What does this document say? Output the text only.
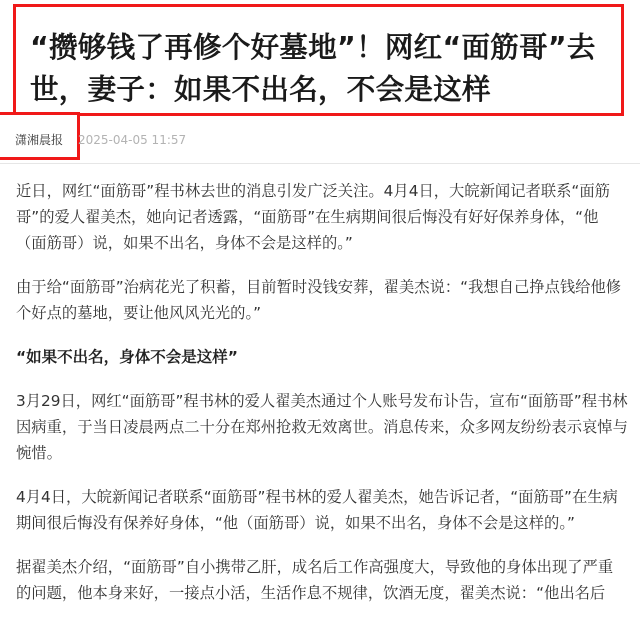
“攒够钱了再修个好墓地”！网红“面筋哥”去世，妻子：如果不出名，不会是这样
潇湘晨报 2025-04-05 11:57

近日，网红“面筋哥”程书林去世的消息引发广泛关注。4月4日，大皖新闻记者联系“面筋哥”的爱人翟美杰，她向记者透露，“面筋哥”在生病期间很后悔没有好好保养身体，“他（面筋哥）说，如果不出名，身体不会是这样的。”

由于给“面筋哥”治病花光了积蓄，目前暂时没钱安葬，翟美杰说：“我想自己挣点钱给他修个好点的墓地，要让他风风光光的。”

“如果不出名，身体不会是这样”

3月29日，网红“面筋哥”程书林的爱人翟美杰通过个人账号发布讣告，宣布“面筋哥”程书林因病重，于当日凌晨两点二十分在郑州抢救无效离世。消息传来，众多网友纷纷表示哀悼与惋惜。

4月4日，大皖新闻记者联系“面筋哥”程书林的爱人翟美杰，她告诉记者，“面筋哥”在生病期间很后悔没有保养好身体，“他（面筋哥）说，如果不出名，身体不会是这样的。”

据翟美杰介绍，“面筋哥”自小携带乙肝，成名后工作高强度大，导致他的身体出现了严重的问题，他本身来好，一接点小活，生活作息不规律，饮酒无度，翟美杰说：“他出名后
